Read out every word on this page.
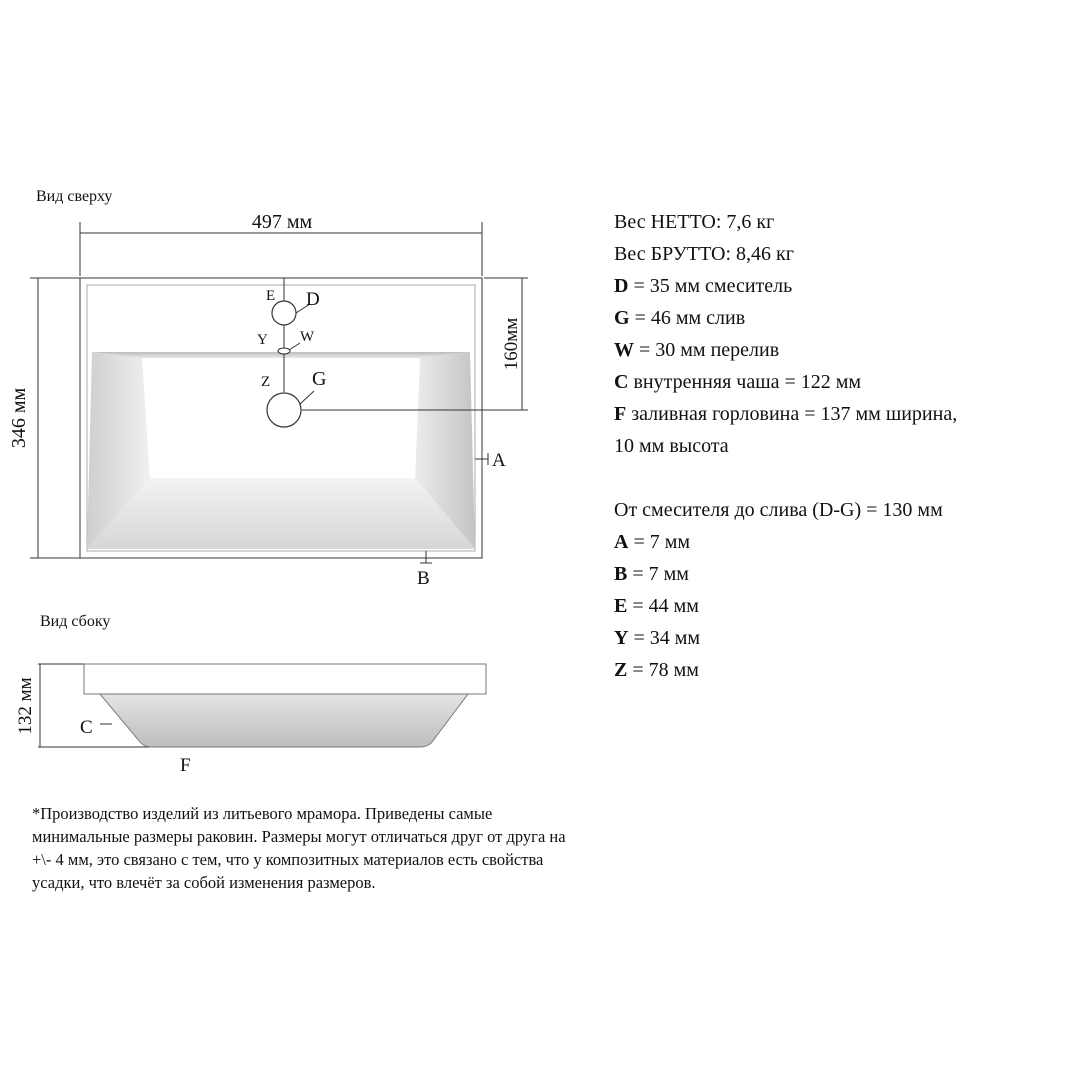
Вид сверху
497 мм
346 мм
E D
Y W
Z G
160мм
A
B
Вид сбоку
132 мм C
F
Вес НЕТТО: 7,6 кг
Вес БРУТТО: 8,46 кг
D = 35 мм смеситель
G = 46 мм слив
W = 30 мм перелив
C внутренняя чаша = 122 мм
F заливная горловина = 137 мм ширина,
10 мм высота
От смесителя до слива (D-G) = 130 мм
A = 7 мм
B = 7 мм
E = 44 мм
Y = 34 мм
Z = 78 мм
*Производство изделий из литьевого мрамора. Приведены самые
минимальные размеры раковин. Размеры могут отличаться друг от друга на
+\- 4 мм, это связано с тем, что у композитных материалов есть свойства
усадки, что влечёт за собой изменения размеров.
